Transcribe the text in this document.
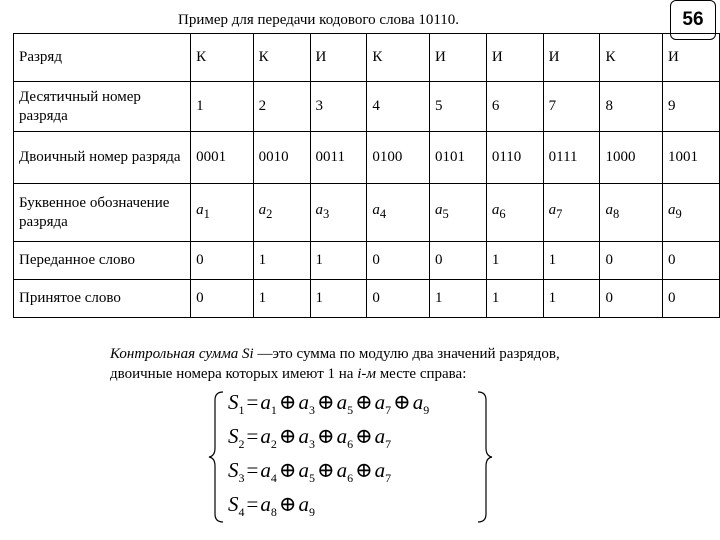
Пример для передачи кодового слова 10110.	56
Разряд	К	К	И	К	И	И	И	К	И
Десятичный номер разряда	1	2	3	4	5	6	7	8	9
Двоичный номер разряда	0001	0010	0011	0100	0101	0110	0111	1000	1001
Буквенное обозначение разряда	$a_1$	$a_2$	$a_3$	$a_4$	$a_5$	$a_6$	$a_7$	$a_8$	$a_9$
Переданное слово	0	1	1	0	0	1	1	0	0
Принятое слово	0	1	1	0	1	1	1	0	0
Контрольная сумма Si —это сумма по модулю два значений разрядов,
двоичные номера которых имеют 1 на i-м месте справа:
$S_1=a_1\oplus a_3\oplus a_5\oplus a_7\oplus a_9$
$S_2=a_2\oplus a_3\oplus a_6\oplus a_7$
$S_3=a_4\oplus a_5\oplus a_6\oplus a_7$
$S_4=a_8\oplus a_9$
